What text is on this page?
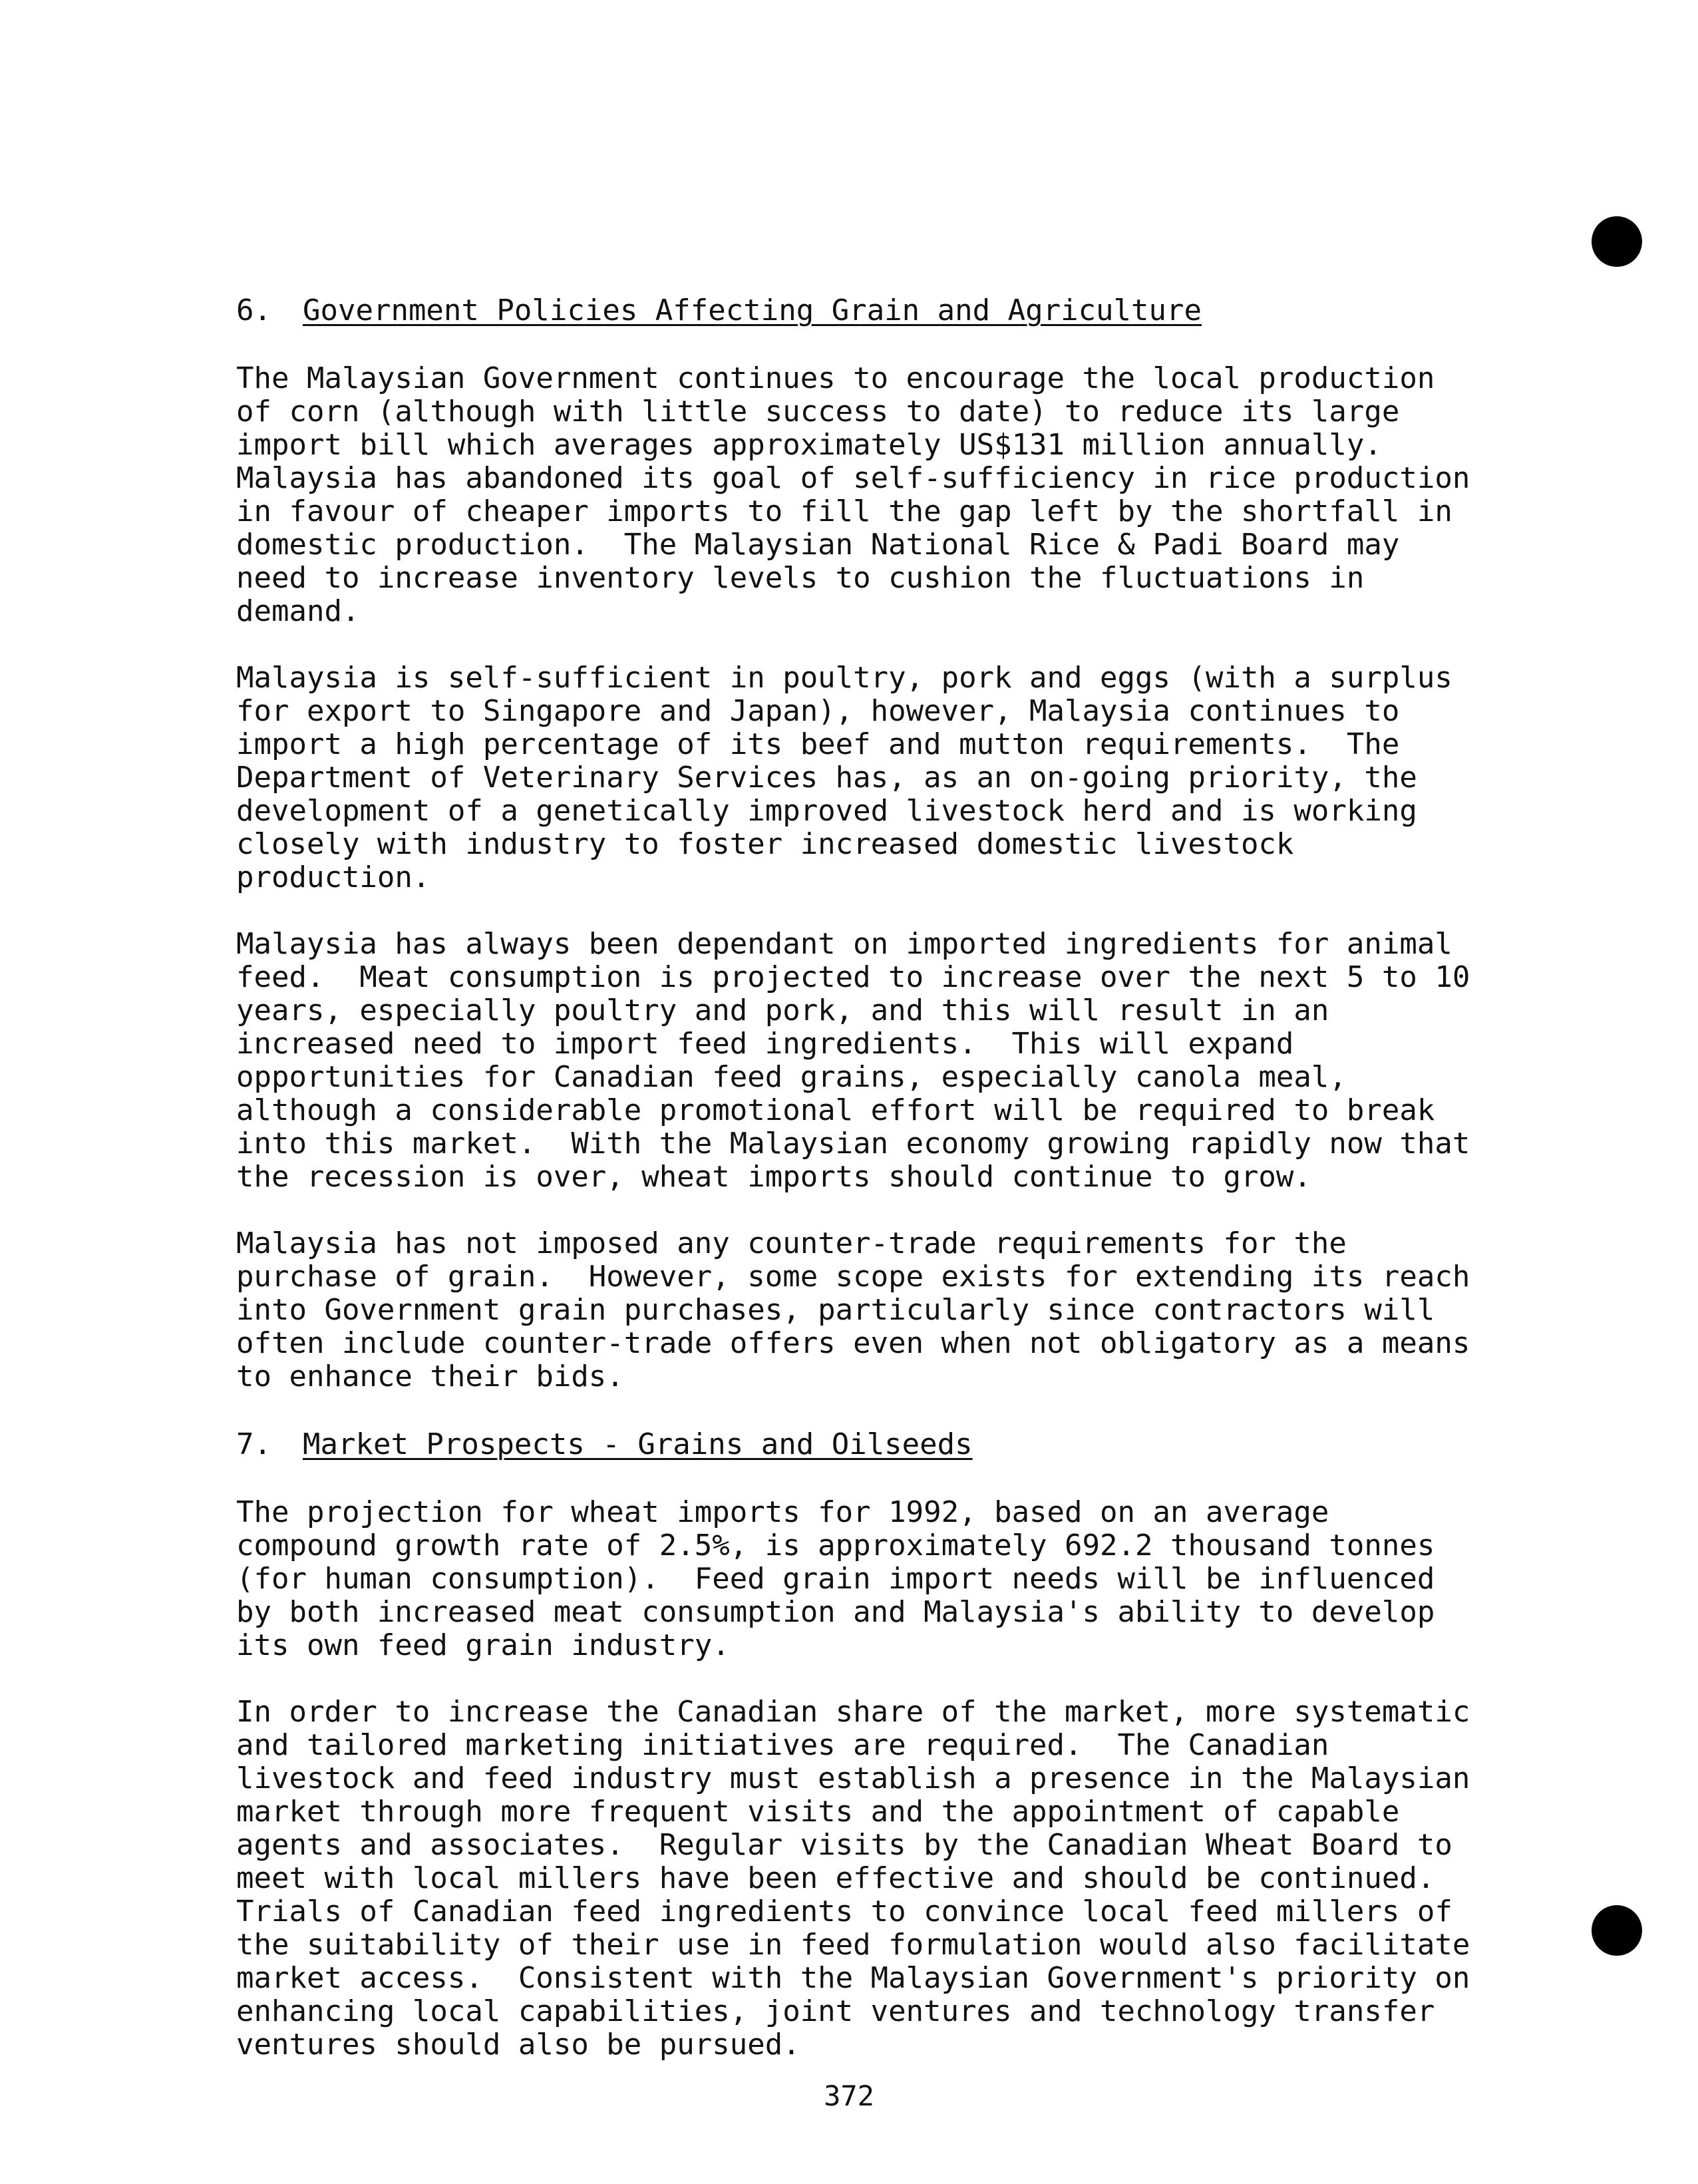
6. Government Policies Affecting Grain and Agriculture

The Malaysian Government continues to encourage the local production of corn (although with little success to date) to reduce its large import bill which averages approximately US$131 million annually.  Malaysia has abandoned its goal of self-sufficiency in rice production in favour of cheaper imports to fill the gap left by the shortfall in domestic production.  The Malaysian National Rice & Padi Board may need to increase inventory levels to cushion the fluctuations in demand.

Malaysia is self-sufficient in poultry, pork and eggs (with a surplus for export to Singapore and Japan), however, Malaysia continues to import a high percentage of its beef and mutton requirements.  The Department of Veterinary Services has, as an on-going priority, the development of a genetically improved livestock herd and is working closely with industry to foster increased domestic livestock production.

Malaysia has always been dependant on imported ingredients for animal feed.  Meat consumption is projected to increase over the next 5 to 10 years, especially poultry and pork, and this will result in an increased need to import feed ingredients.  This will expand opportunities for Canadian feed grains, especially canola meal, although a considerable promotional effort will be required to break into this market.  With the Malaysian economy growing rapidly now that the recession is over, wheat imports should continue to grow.

Malaysia has not imposed any counter-trade requirements for the purchase of grain.  However, some scope exists for extending its reach into Government grain purchases, particularly since contractors will often include counter-trade offers even when not obligatory as a means to enhance their bids.

7. Market Prospects - Grains and Oilseeds

The projection for wheat imports for 1992, based on an average compound growth rate of 2.5%, is approximately 692.2 thousand tonnes (for human consumption).  Feed grain import needs will be influenced by both increased meat consumption and Malaysia's ability to develop its own feed grain industry.

In order to increase the Canadian share of the market, more systematic and tailored marketing initiatives are required.  The Canadian livestock and feed industry must establish a presence in the Malaysian market through more frequent visits and the appointment of capable agents and associates.  Regular visits by the Canadian Wheat Board to meet with local millers have been effective and should be continued.  Trials of Canadian feed ingredients to convince local feed millers of the suitability of their use in feed formulation would also facilitate market access.  Consistent with the Malaysian Government's priority on enhancing local capabilities, joint ventures and technology transfer ventures should also be pursued.

372
